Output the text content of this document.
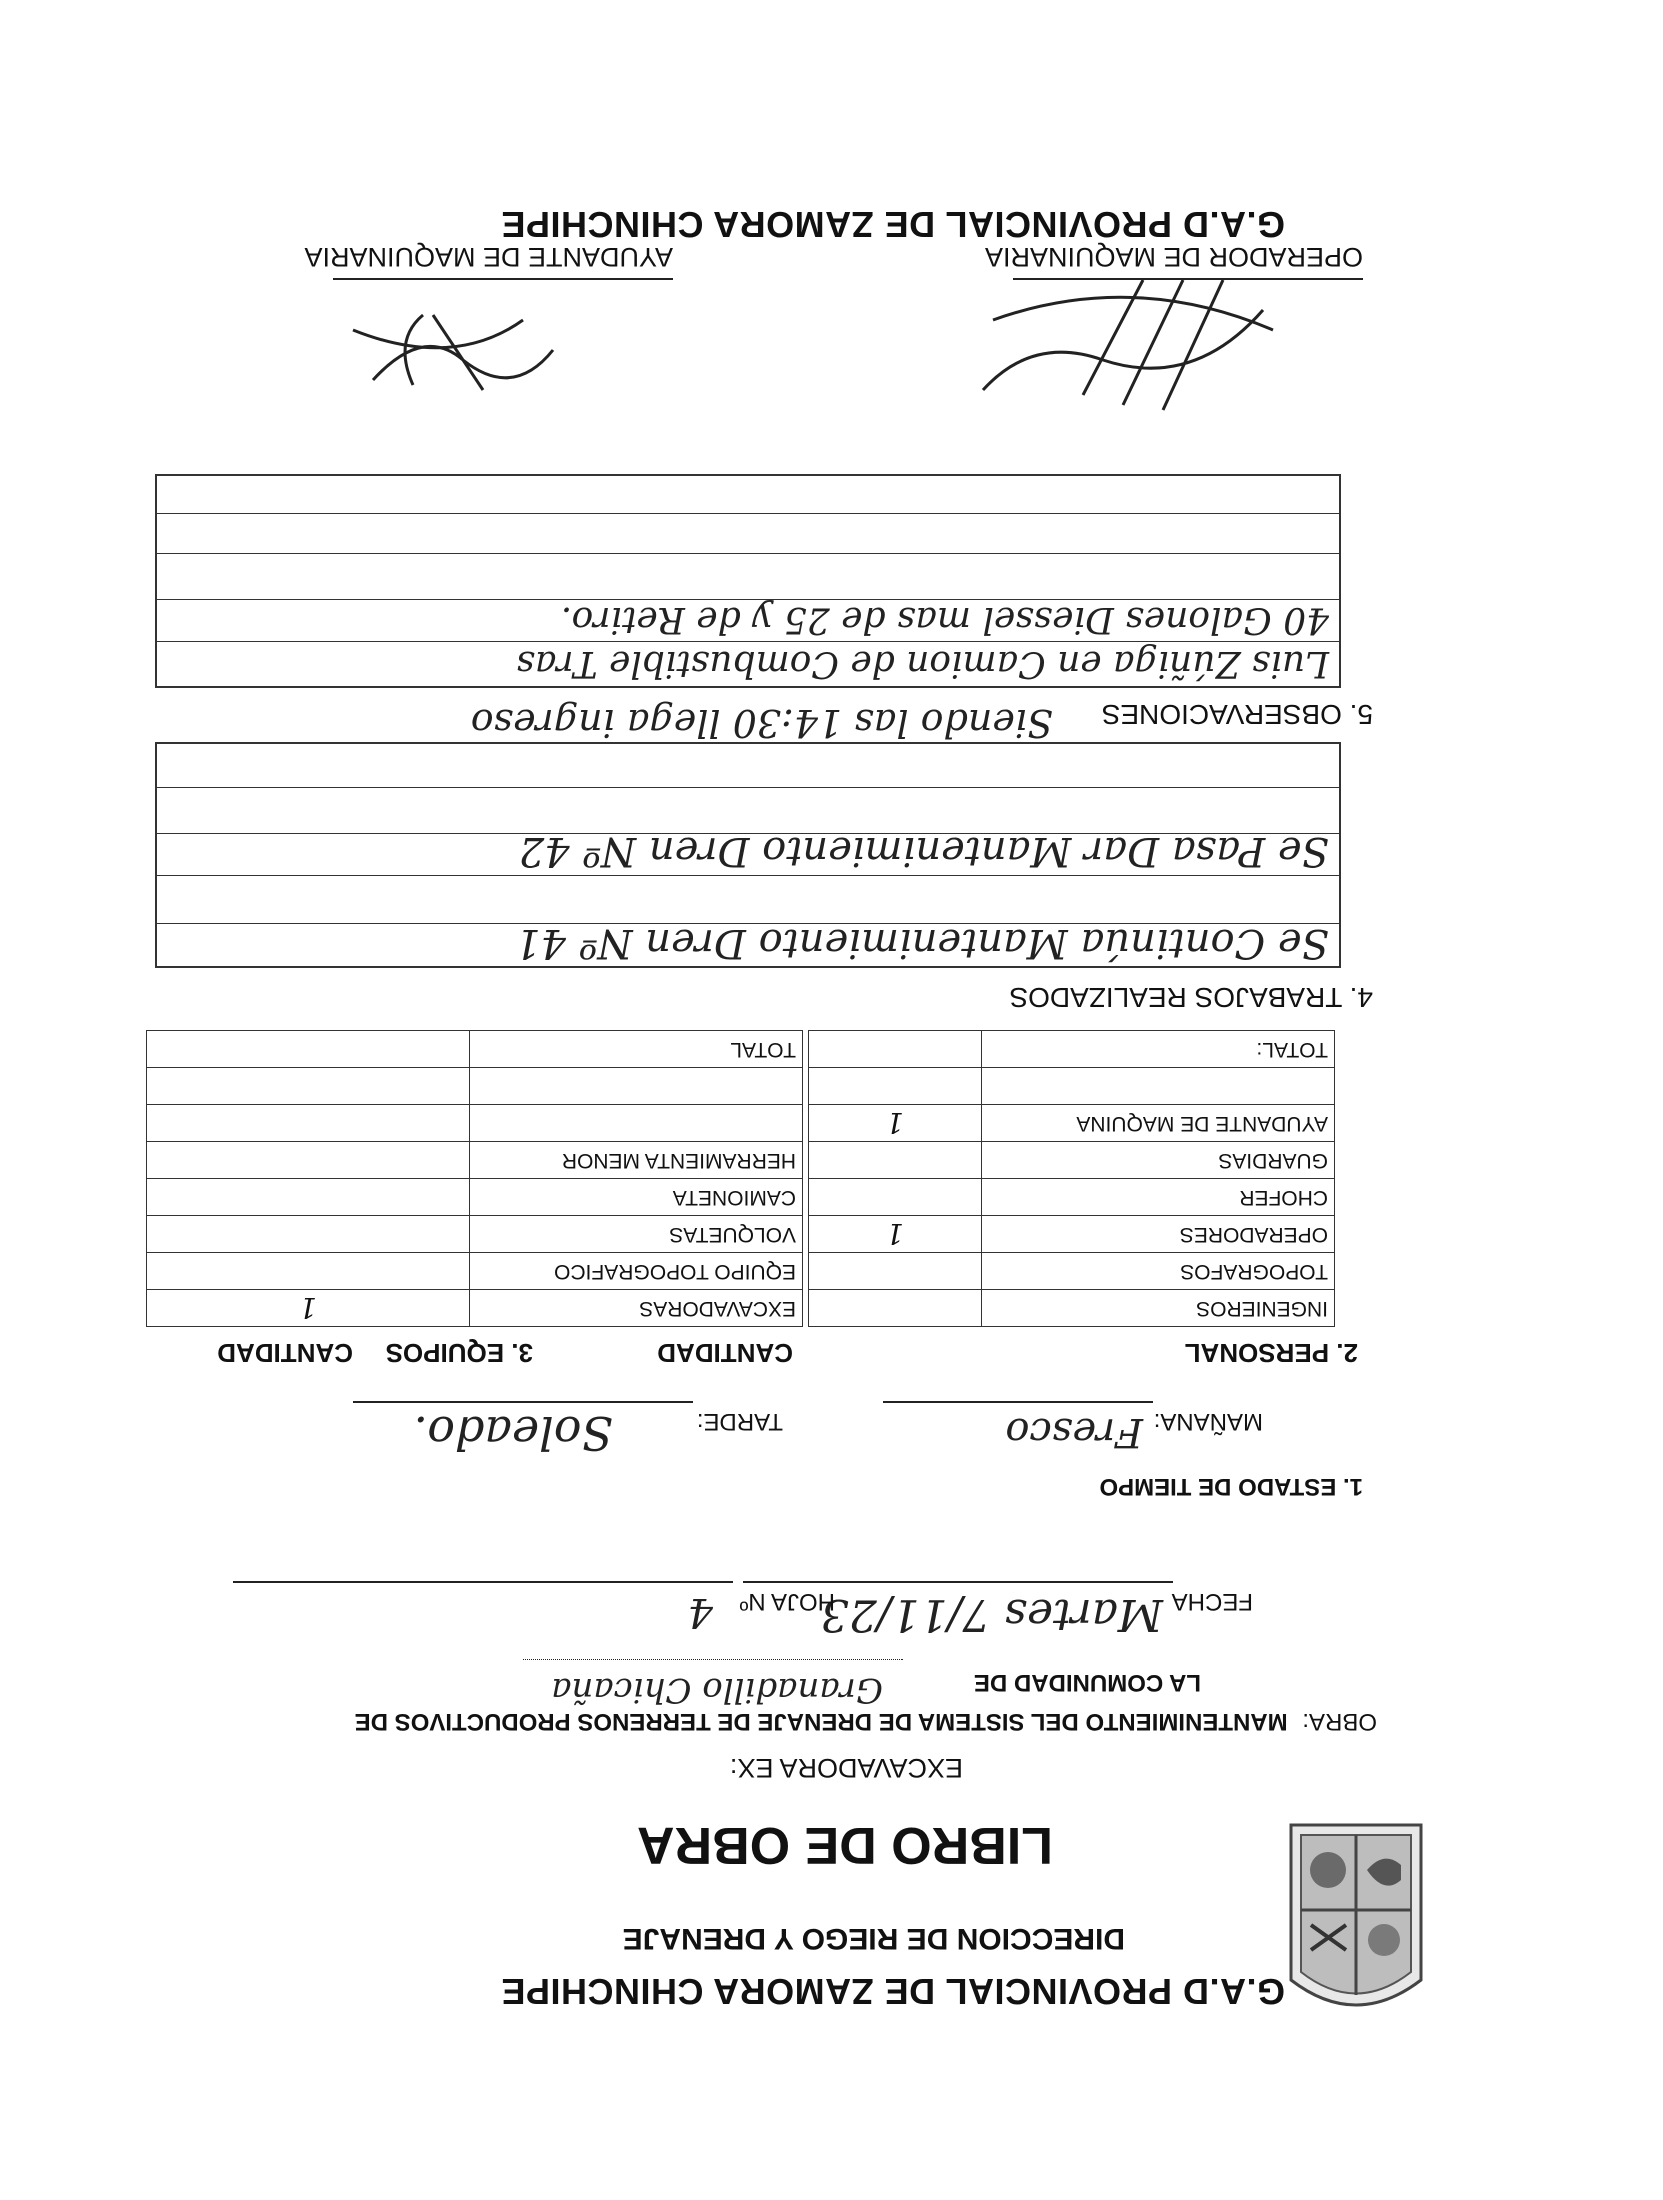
G.A.D PROVINCIAL DE ZAMORA CHINCHIPE
G.A.D PROVINCIAL DE ZAMORA CHINCHIPE
DIRECCION DE RIEGO Y DRENAJE
LIBRO DE OBRA
EXCAVADORA EX:
OBRA: MANTENIMIENTO DEL SISTEMA DE DRENAJE DE TERRENOS PRODUCTIVOS DE
LA COMUNIDAD DE
Granadillo Chicaña
FECHA
Martes 7/11/23
HOJA Nº
4
1. ESTADO DE TIEMPO
MAÑANA:
Fresco
TARDE:
Soleado.
2. PERSONAL
CANTIDAD
3. EQUIPOS
CANTIDAD
INGENIEROS	
TOPOGRAFOS	
OPERADORES	1
CHOFER	
GUARDIAS	
AYUDANTE DE MAQUINA	1

TOTAL:	
EXCAVADORAS	1
EQUIPO TOPOGRAFICO	
VOLQUETAS	
CAMIONETA	
HERRAMIENTA MENOR	

TOTAL	
4. TRABAJOS REALIZADOS
Se Continúa Mantenimiento Dren Nº 41
Se Pasa Dar Mantenimiento Dren Nº 42
5. OBSERVACIONES
Siendo las 14:30 llega ingreso
Luis Zúñiga en Camion de Combustible Tras
40 Galones Diessel mas de 25 y de Retiro.
OPERADOR DE MAQUINARIA
AYUDANTE DE MAQUINARIA
